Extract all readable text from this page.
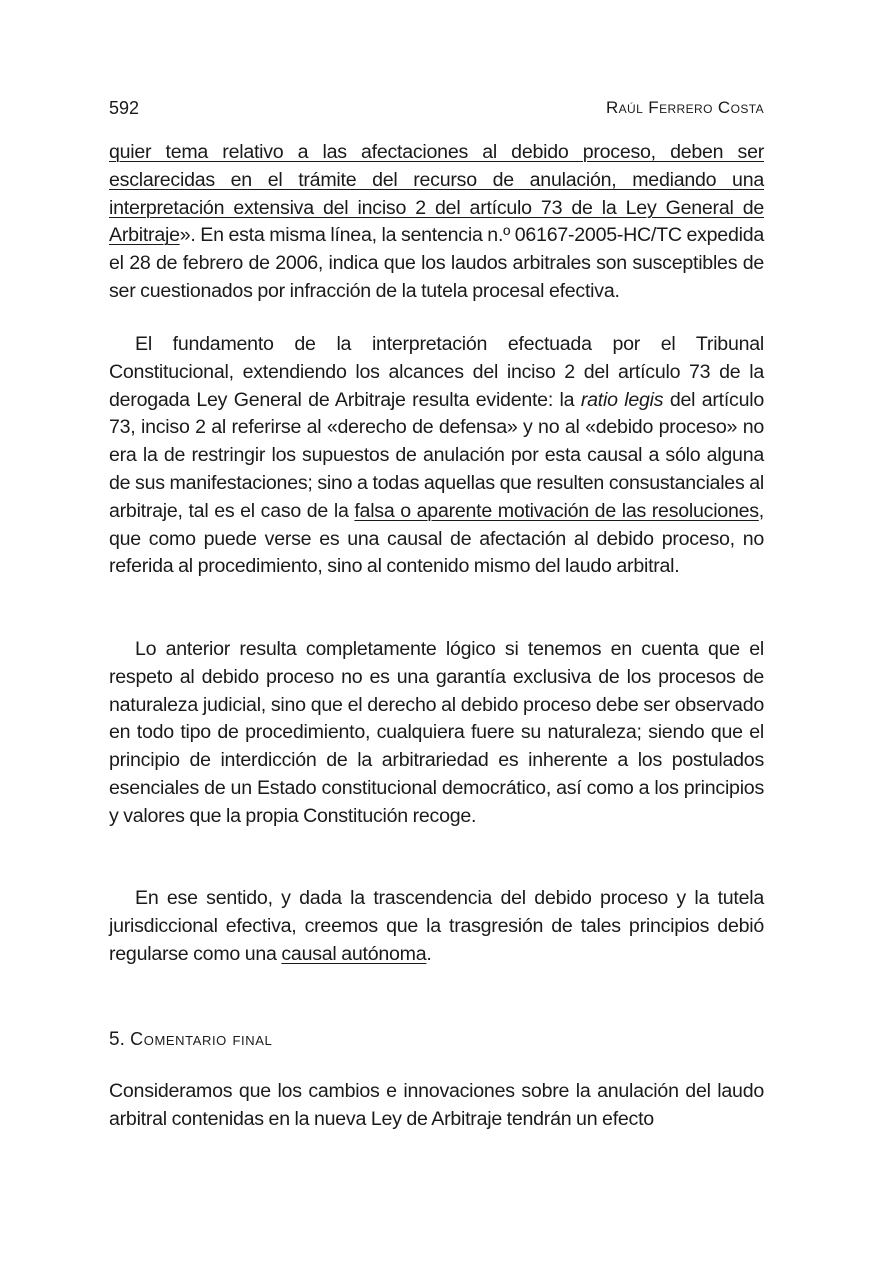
592	Raúl Ferrero Costa

quier tema relativo a las afectaciones al debido proceso, deben ser esclarecidas en el trámite del recurso de anulación, mediando una interpretación extensiva del inciso 2 del artículo 73 de la Ley General de Arbitraje». En esta misma línea, la sentencia n.º 06167-2005-HC/TC expedida el 28 de febrero de 2006, indica que los laudos arbitrales son susceptibles de ser cuestionados por infracción de la tutela procesal efectiva.

El fundamento de la interpretación efectuada por el Tribunal Constitucional, extendiendo los alcances del inciso 2 del artículo 73 de la derogada Ley General de Arbitraje resulta evidente: la ratio legis del artículo 73, inciso 2 al referirse al «derecho de defensa» y no al «debido proceso» no era la de restringir los supuestos de anulación por esta causal a sólo alguna de sus manifestaciones; sino a todas aquellas que resulten consustanciales al arbitraje, tal es el caso de la falsa o aparente motivación de las resoluciones, que como puede verse es una causal de afectación al debido proceso, no referida al procedimiento, sino al contenido mismo del laudo arbitral.

Lo anterior resulta completamente lógico si tenemos en cuenta que el respeto al debido proceso no es una garantía exclusiva de los procesos de naturaleza judicial, sino que el derecho al debido proceso debe ser observado en todo tipo de procedimiento, cualquiera fuere su naturaleza; siendo que el principio de interdicción de la arbitrariedad es inherente a los postulados esenciales de un Estado constitucional democrático, así como a los principios y valores que la propia Constitución recoge.

En ese sentido, y dada la trascendencia del debido proceso y la tutela jurisdiccional efectiva, creemos que la trasgresión de tales principios debió regularse como una causal autónoma.

5. Comentario final

Consideramos que los cambios e innovaciones sobre la anulación del laudo arbitral contenidas en la nueva Ley de Arbitraje tendrán un efecto
